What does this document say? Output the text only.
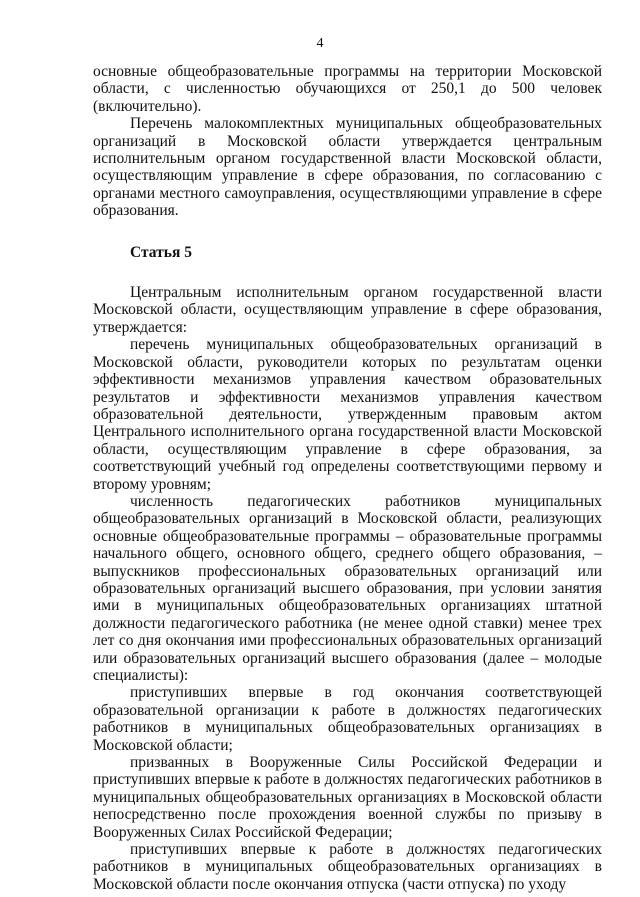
4

основные общеобразовательные программы на территории Московской области, с численностью обучающихся от 250,1 до 500 человек (включительно).

Перечень малокомплектных муниципальных общеобразовательных организаций в Московской области утверждается центральным исполнительным органом государственной власти Московской области, осуществляющим управление в сфере образования, по согласованию с органами местного самоуправления, осуществляющими управление в сфере образования.

Статья 5

Центральным исполнительным органом государственной власти Московской области, осуществляющим управление в сфере образования, утверждается:

перечень муниципальных общеобразовательных организаций в Московской области, руководители которых по результатам оценки эффективности механизмов управления качеством образовательных результатов и эффективности механизмов управления качеством образовательной деятельности, утвержденным правовым актом Центрального исполнительного органа государственной власти Московской области, осуществляющим управление в сфере образования, за соответствующий учебный год определены соответствующими первому и второму уровням;

численность педагогических работников муниципальных общеобразовательных организаций в Московской области, реализующих основные общеобразовательные программы – образовательные программы начального общего, основного общего, среднего общего образования, – выпускников профессиональных образовательных организаций или образовательных организаций высшего образования, при условии занятия ими в муниципальных общеобразовательных организациях штатной должности педагогического работника (не менее одной ставки) менее трех лет со дня окончания ими профессиональных образовательных организаций или образовательных организаций высшего образования (далее – молодые специалисты):

приступивших впервые в год окончания соответствующей образовательной организации к работе в должностях педагогических работников в муниципальных общеобразовательных организациях в Московской области;

призванных в Вооруженные Силы Российской Федерации и приступивших впервые к работе в должностях педагогических работников в муниципальных общеобразовательных организациях в Московской области непосредственно после прохождения военной службы по призыву в Вооруженных Силах Российской Федерации;

приступивших впервые к работе в должностях педагогических работников в муниципальных общеобразовательных организациях в Московской области после окончания отпуска (части отпуска) по уходу
